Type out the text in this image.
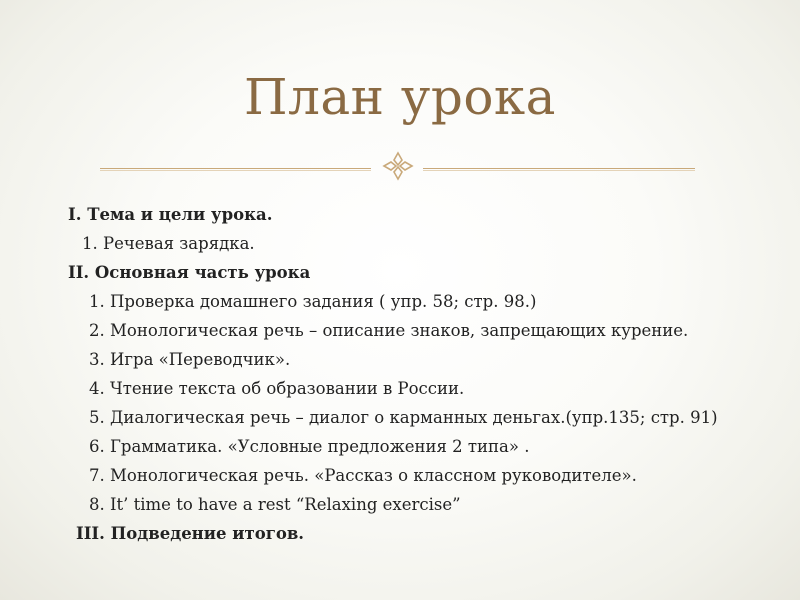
План урока
I. Тема и цели урока.
1. Речевая зарядка.
II. Основная часть урока
1. Проверка домашнего задания ( упр. 58; стр. 98.)
2. Монологическая речь – описание знаков, запрещающих курение.
3. Игра «Переводчик».
4. Чтение текста об образовании в России.
5. Диалогическая речь – диалог о карманных деньгах.(упр.135; стр. 91)
6. Грамматика. «Условные предложения 2 типа» .
7. Монологическая речь. «Рассказ о классном руководителе».
8. It’ time to have a rest “Relaxing exercise”
III. Подведение итогов.
